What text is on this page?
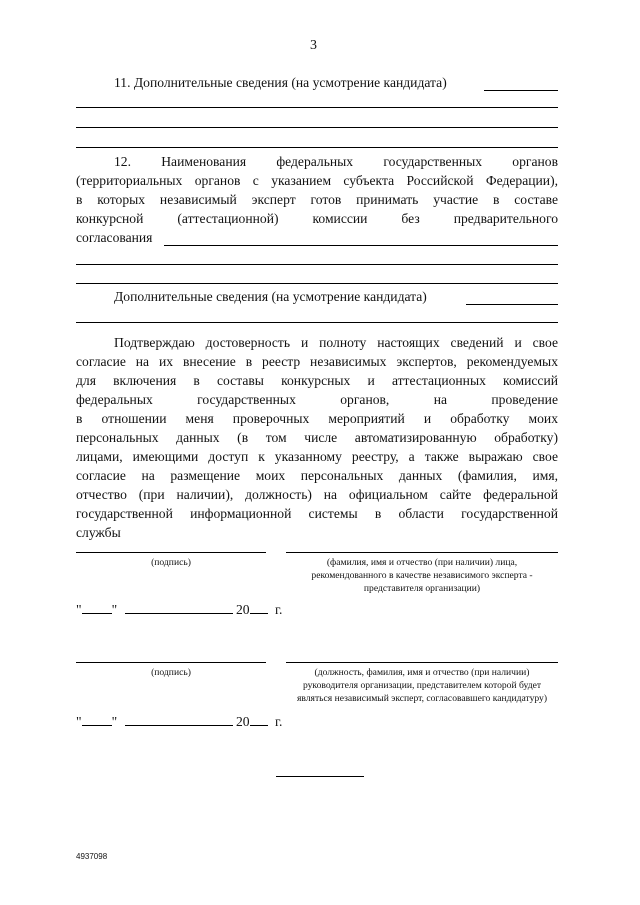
3
11. Дополнительные сведения (на усмотрение кандидата)
12. Наименования федеральных государственных органов
(территориальных органов с указанием субъекта Российской Федерации),
в которых независимый эксперт готов принимать участие в составе
конкурсной (аттестационной) комиссии без предварительного
согласования
Дополнительные сведения (на усмотрение кандидата)
Подтверждаю достоверность и полноту настоящих сведений и свое
согласие на их внесение в реестр независимых экспертов, рекомендуемых
для включения в составы конкурсных и аттестационных комиссий
федеральных государственных органов, на проведение
в отношении меня проверочных мероприятий и обработку моих
персональных данных (в том числе автоматизированную обработку)
лицами, имеющими доступ к указанному реестру, а также выражаю свое
согласие на размещение моих персональных данных (фамилия, имя,
отчество (при наличии), должность) на официальном сайте федеральной
государственной информационной системы в области государственной
службы
(подпись)	(фамилия, имя и отчество (при наличии) лица,
рекомендованного в качестве независимого эксперта -
представителя организации)
" "	20 г.
(подпись)	(должность, фамилия, имя и отчество (при наличии)
руководителя организации, представителем которой будет
являться независимый эксперт, согласовавшего кандидатуру)
" "	20 г.
4937098
